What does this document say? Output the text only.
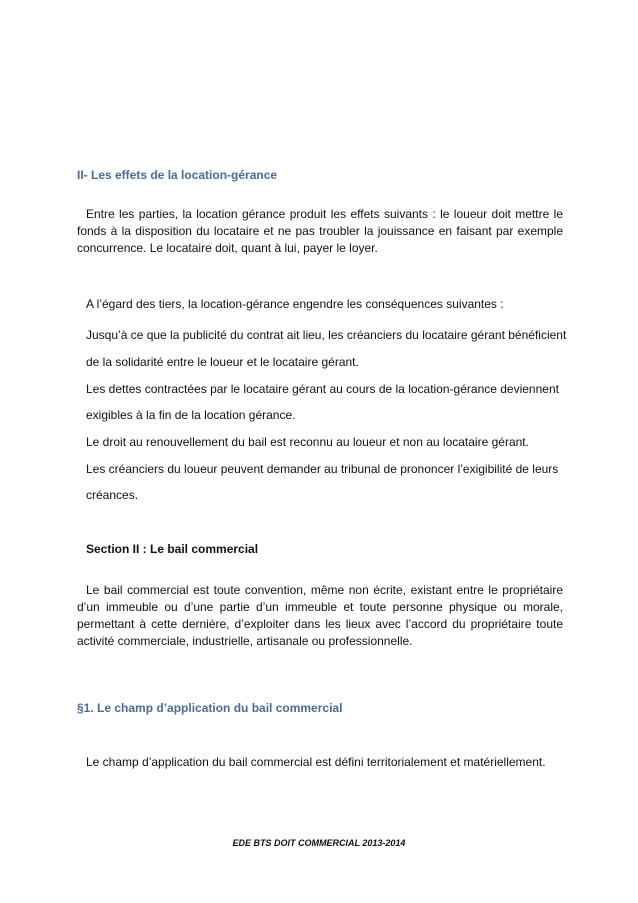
II- Les effets de la location-gérance
Entre les parties, la location gérance produit les effets suivants : le loueur doit mettre le fonds à la disposition du locataire et ne pas troubler la jouissance en faisant par exemple concurrence. Le locataire doit, quant à lui, payer le loyer.
A l’égard des tiers, la location-gérance engendre les conséquences suivantes :
Jusqu’à ce que la publicité du contrat ait lieu, les créanciers du locataire gérant bénéficient
de la solidarité entre le loueur et le locataire gérant.
Les dettes contractées par le locataire gérant au cours de la location-gérance deviennent
exigibles à la fin de la location gérance.
Le droit au renouvellement du bail est reconnu au loueur et non au locataire gérant.
Les créanciers du loueur peuvent demander au tribunal de prononcer l’exigibilité de leurs
créances.
Section II : Le bail commercial
Le bail commercial est toute convention, même non écrite, existant entre le propriétaire d’un immeuble ou d’une partie d’un immeuble et toute personne physique ou morale, permettant à cette dernière, d’exploiter dans les lieux avec l’accord du propriétaire toute activité commerciale, industrielle, artisanale ou professionnelle.
§1. Le champ d’application du bail commercial
Le champ d’application du bail commercial est défini territorialement et matériellement.
EDE BTS DOIT COMMERCIAL 2013-2014
